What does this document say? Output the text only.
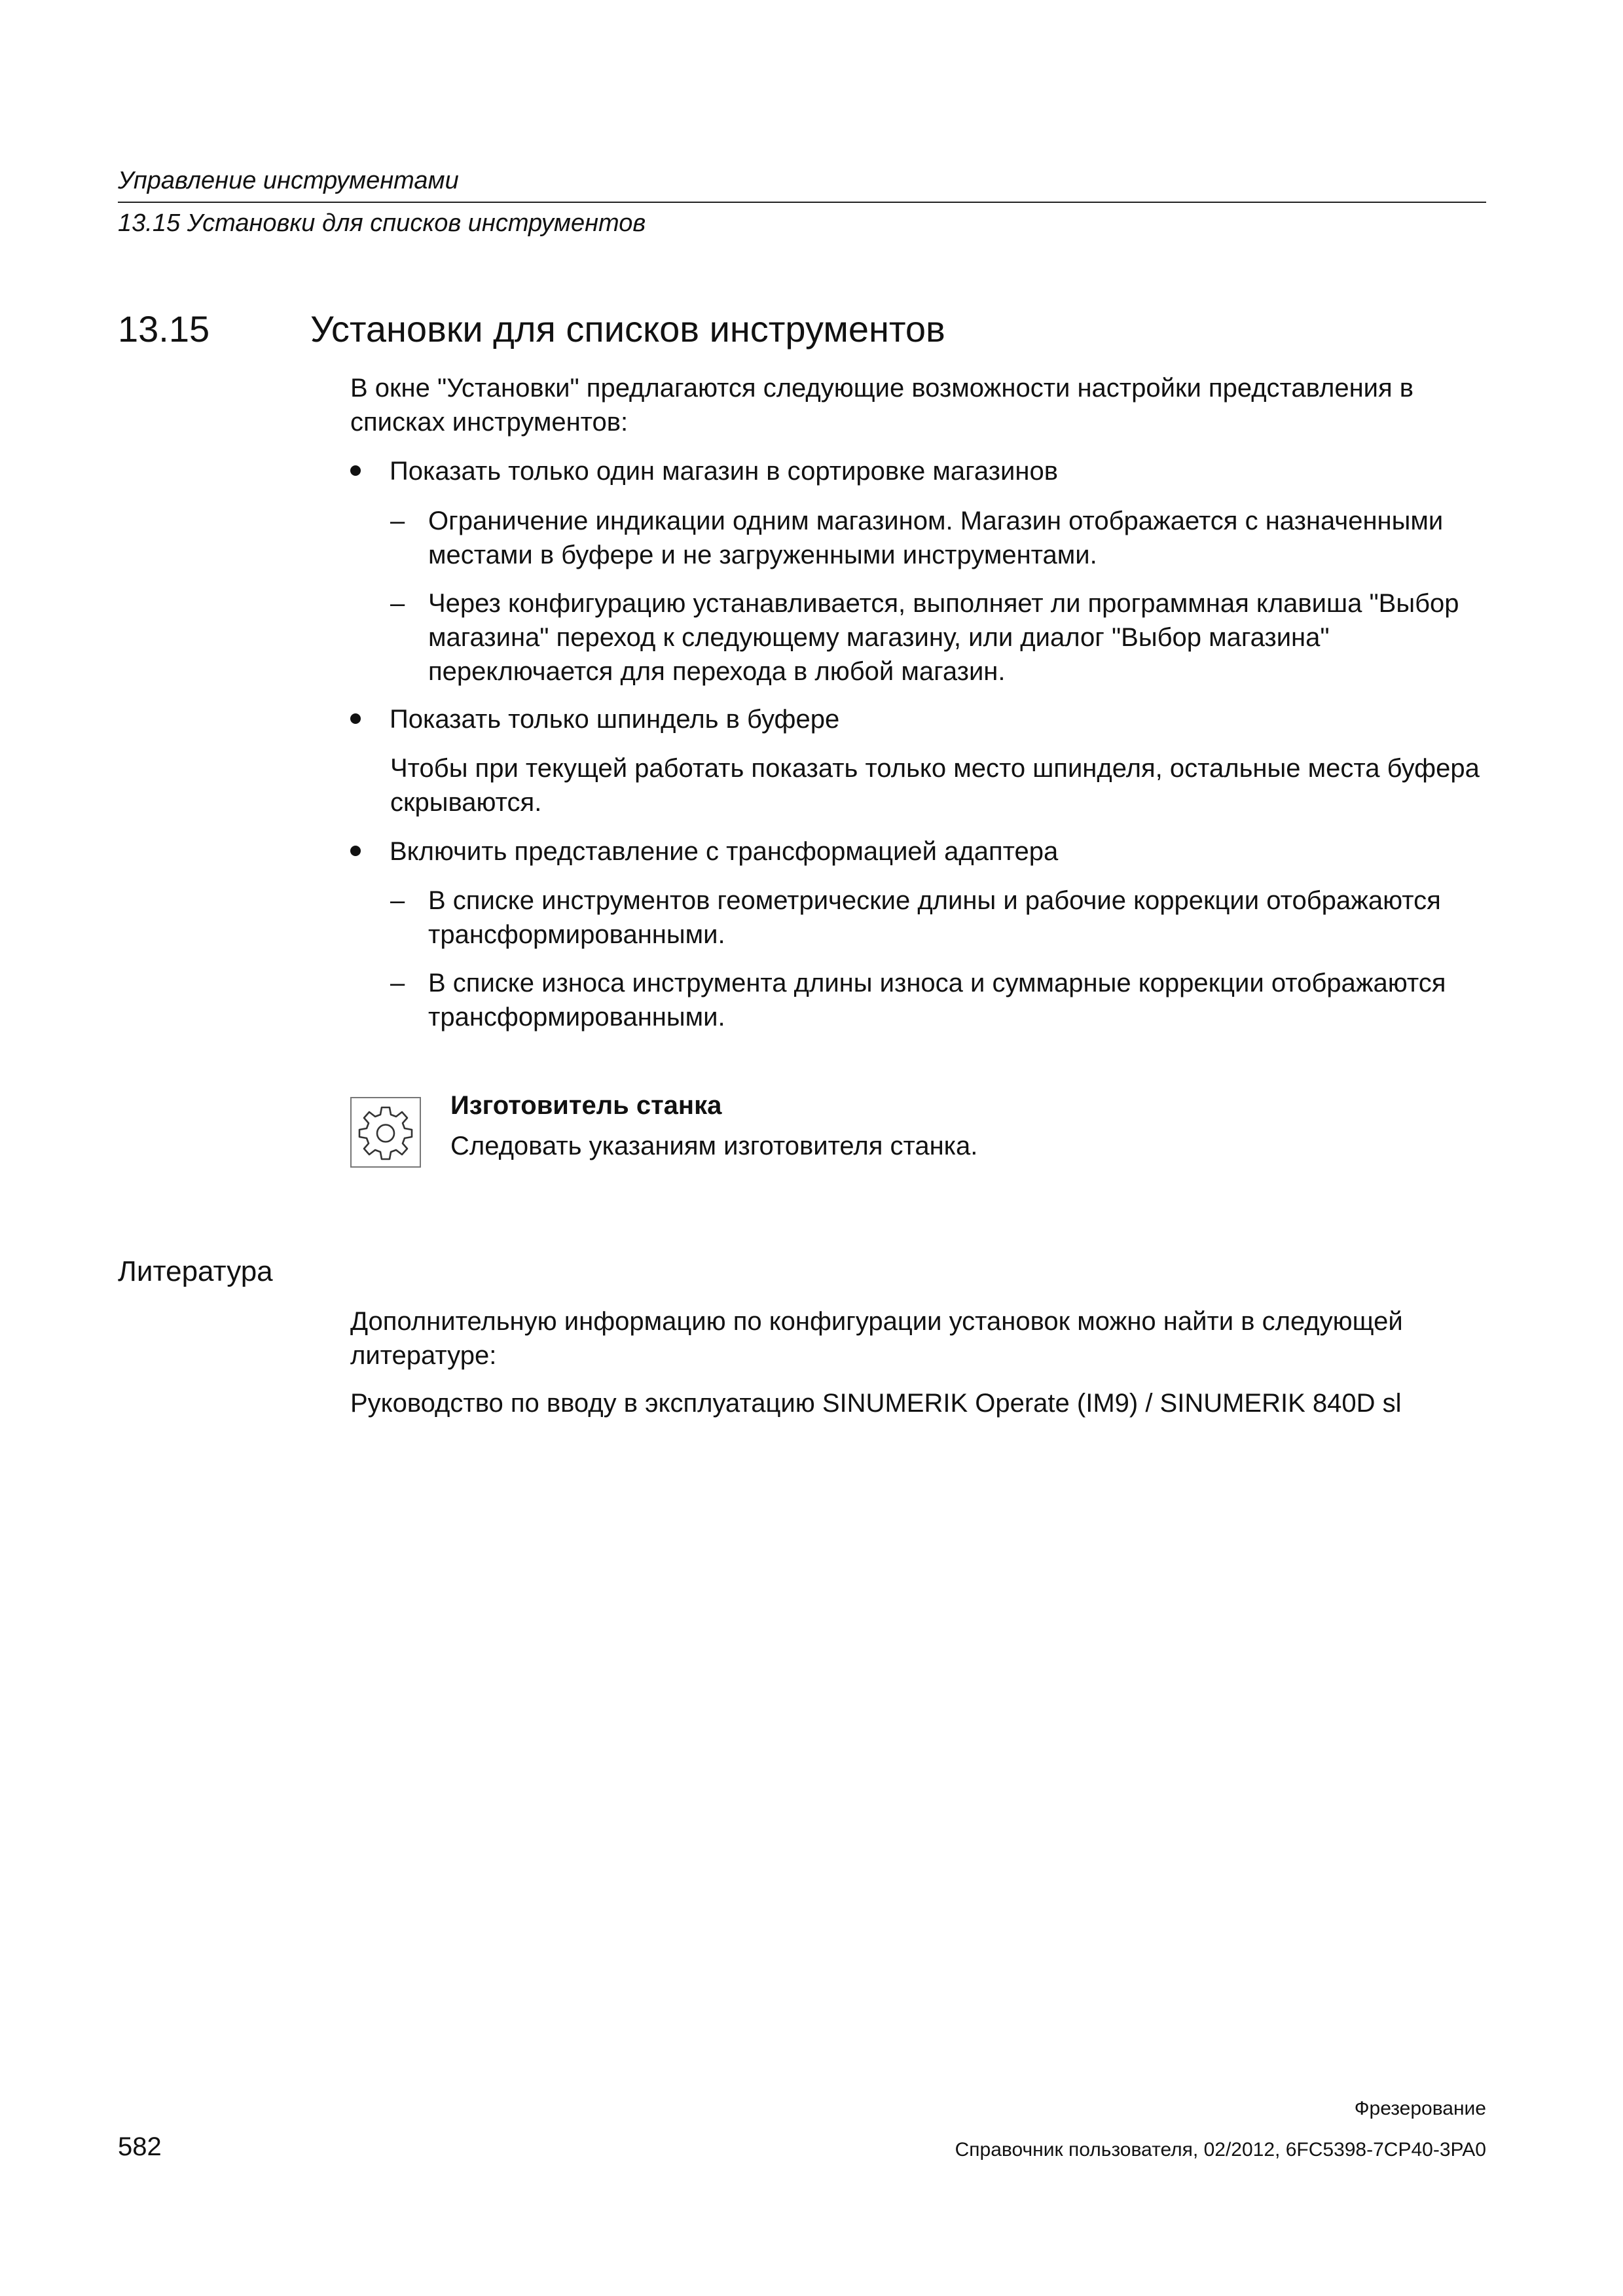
Управление инструментами
13.15 Установки для списков инструментов
13.15	Установки для списков инструментов
В окне "Установки" предлагаются следующие возможности настройки представления в списках инструментов:
Показать только один магазин в сортировке магазинов
– Ограничение индикации одним магазином. Магазин отображается с назначенными местами в буфере и не загруженными инструментами.
– Через конфигурацию устанавливается, выполняет ли программная клавиша "Выбор магазина" переход к следующему магазину, или диалог "Выбор магазина" переключается для перехода в любой магазин.
Показать только шпиндель в буфере
Чтобы при текущей работать показать только место шпинделя, остальные места буфера скрываются.
Включить представление с трансформацией адаптера
– В списке инструментов геометрические длины и рабочие коррекции отображаются трансформированными.
– В списке износа инструмента длины износа и суммарные коррекции отображаются трансформированными.
Изготовитель станка
Следовать указаниям изготовителя станка.
Литература
Дополнительную информацию по конфигурации установок можно найти в следующей литературе:
Руководство по вводу в эксплуатацию SINUMERIK Operate (IM9) / SINUMERIK 840D sl
Фрезерование
582	Справочник пользователя, 02/2012, 6FC5398-7CP40-3PA0
